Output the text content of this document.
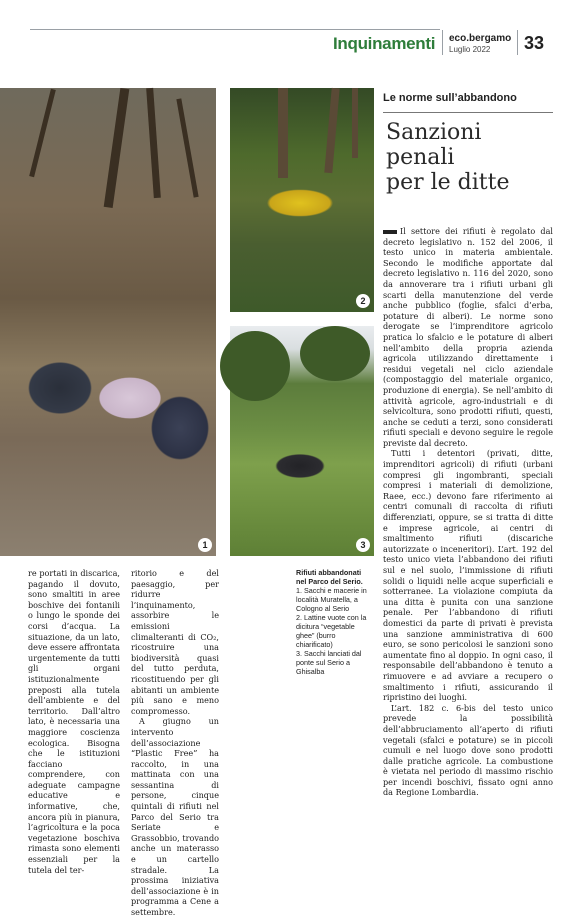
Inquinamenti eco.bergamo
Luglio 2022 33
1
2
3
Le norme sull’abbandono
Sanzioni
penali
per le ditte

Il settore dei rifiuti è regolato dal decreto legislativo n. 152 del 2006, il testo unico in materia ambientale. Secondo le modifiche apportate dal decreto legislativo n. 116 del 2020, sono da annoverare tra i rifiuti urbani gli scarti della manutenzione del verde anche pubblico (foglie, sfalci d’erba, potature di alberi). Le norme sono derogate se l’imprenditore agricolo pratica lo sfalcio e le potature di alberi nell’ambito della propria azienda agricola utilizzando direttamente i residui vegetali nel ciclo aziendale (compostaggio del materiale organico, produzione di energia). Se nell’ambito di attività agricole, agro-industriali e di selvicoltura, sono prodotti rifiuti, questi, anche se ceduti a terzi, sono considerati rifiuti speciali e devono seguire le regole previste dal decreto.

Tutti i detentori (privati, ditte, imprenditori agricoli) di rifiuti (urbani compresi gli ingombranti, speciali compresi i materiali di demolizione, Raee, ecc.) devono fare riferimento ai centri comunali di raccolta di rifiuti differenziati, oppure, se si tratta di ditte e imprese agricole, ai centri di smaltimento rifiuti (discariche autorizzate o inceneritori). L’art. 192 del testo unico vieta l’abbandono dei rifiuti sul e nel suolo, l’immissione di rifiuti solidi o liquidi nelle acque superficiali e sotterranee. La violazione compiuta da una ditta è punita con una sanzione penale. Per l’abbandono di rifiuti domestici da parte di privati è prevista una sanzione amministrativa di 600 euro, se sono pericolosi le sanzioni sono aumentate fino al doppio. In ogni caso, il responsabile dell’abbandono è tenuto a rimuovere e ad avviare a recupero o smaltimento i rifiuti, assicurando il ripristino dei luoghi.

L’art. 182 c. 6-bis del testo unico prevede la possibilità dell’abbruciamento all’aperto di rifiuti vegetali (sfalci e potature) se in piccoli cumuli e nel luogo dove sono prodotti dalle pratiche agricole. La combustione è vietata nel periodo di massimo rischio per incendi boschivi, fissato ogni anno da Regione Lombardia.

re portati in discarica, pagando il dovuto, sono smaltiti in aree boschive dei fontanili o lungo le sponde dei corsi d’acqua. La situazione, da un lato, deve essere affrontata urgentemente da tutti gli organi istituzionalmente preposti alla tutela dell’ambiente e del territorio. Dall’altro lato, è necessaria una maggiore coscienza ecologica. Bisogna che le istituzioni facciano comprendere, con adeguate campagne educative e informative, che, ancora più in pianura, l’agricoltura e la poca vegetazione boschiva rimasta sono elementi essenziali per la tutela del ter-

ritorio e del paesaggio, per ridurre l’inquinamento, assorbire le emissioni climalteranti di CO₂, ricostruire una biodiversità quasi del tutto perduta, ricostituendo per gli abitanti un ambiente più sano e meno compromesso.

A giugno un intervento dell’associazione “Plastic Free” ha raccolto, in una mattinata con una sessantina di persone, cinque quintali di rifiuti nel Parco del Serio tra Seriate e Grassobbio, trovando anche un materasso e un cartello stradale. La prossima iniziativa dell’associazione è in programma a Cene a settembre.

Rifiuti abbandonati nel Parco del Serio.
1. Sacchi e macerie in località Muratella, a Cologno al Serio
2. Lattine vuote con la dicitura “vegetable ghee” (burro chiarificato)
3. Sacchi lanciati dal ponte sul Serio a Ghisalba
